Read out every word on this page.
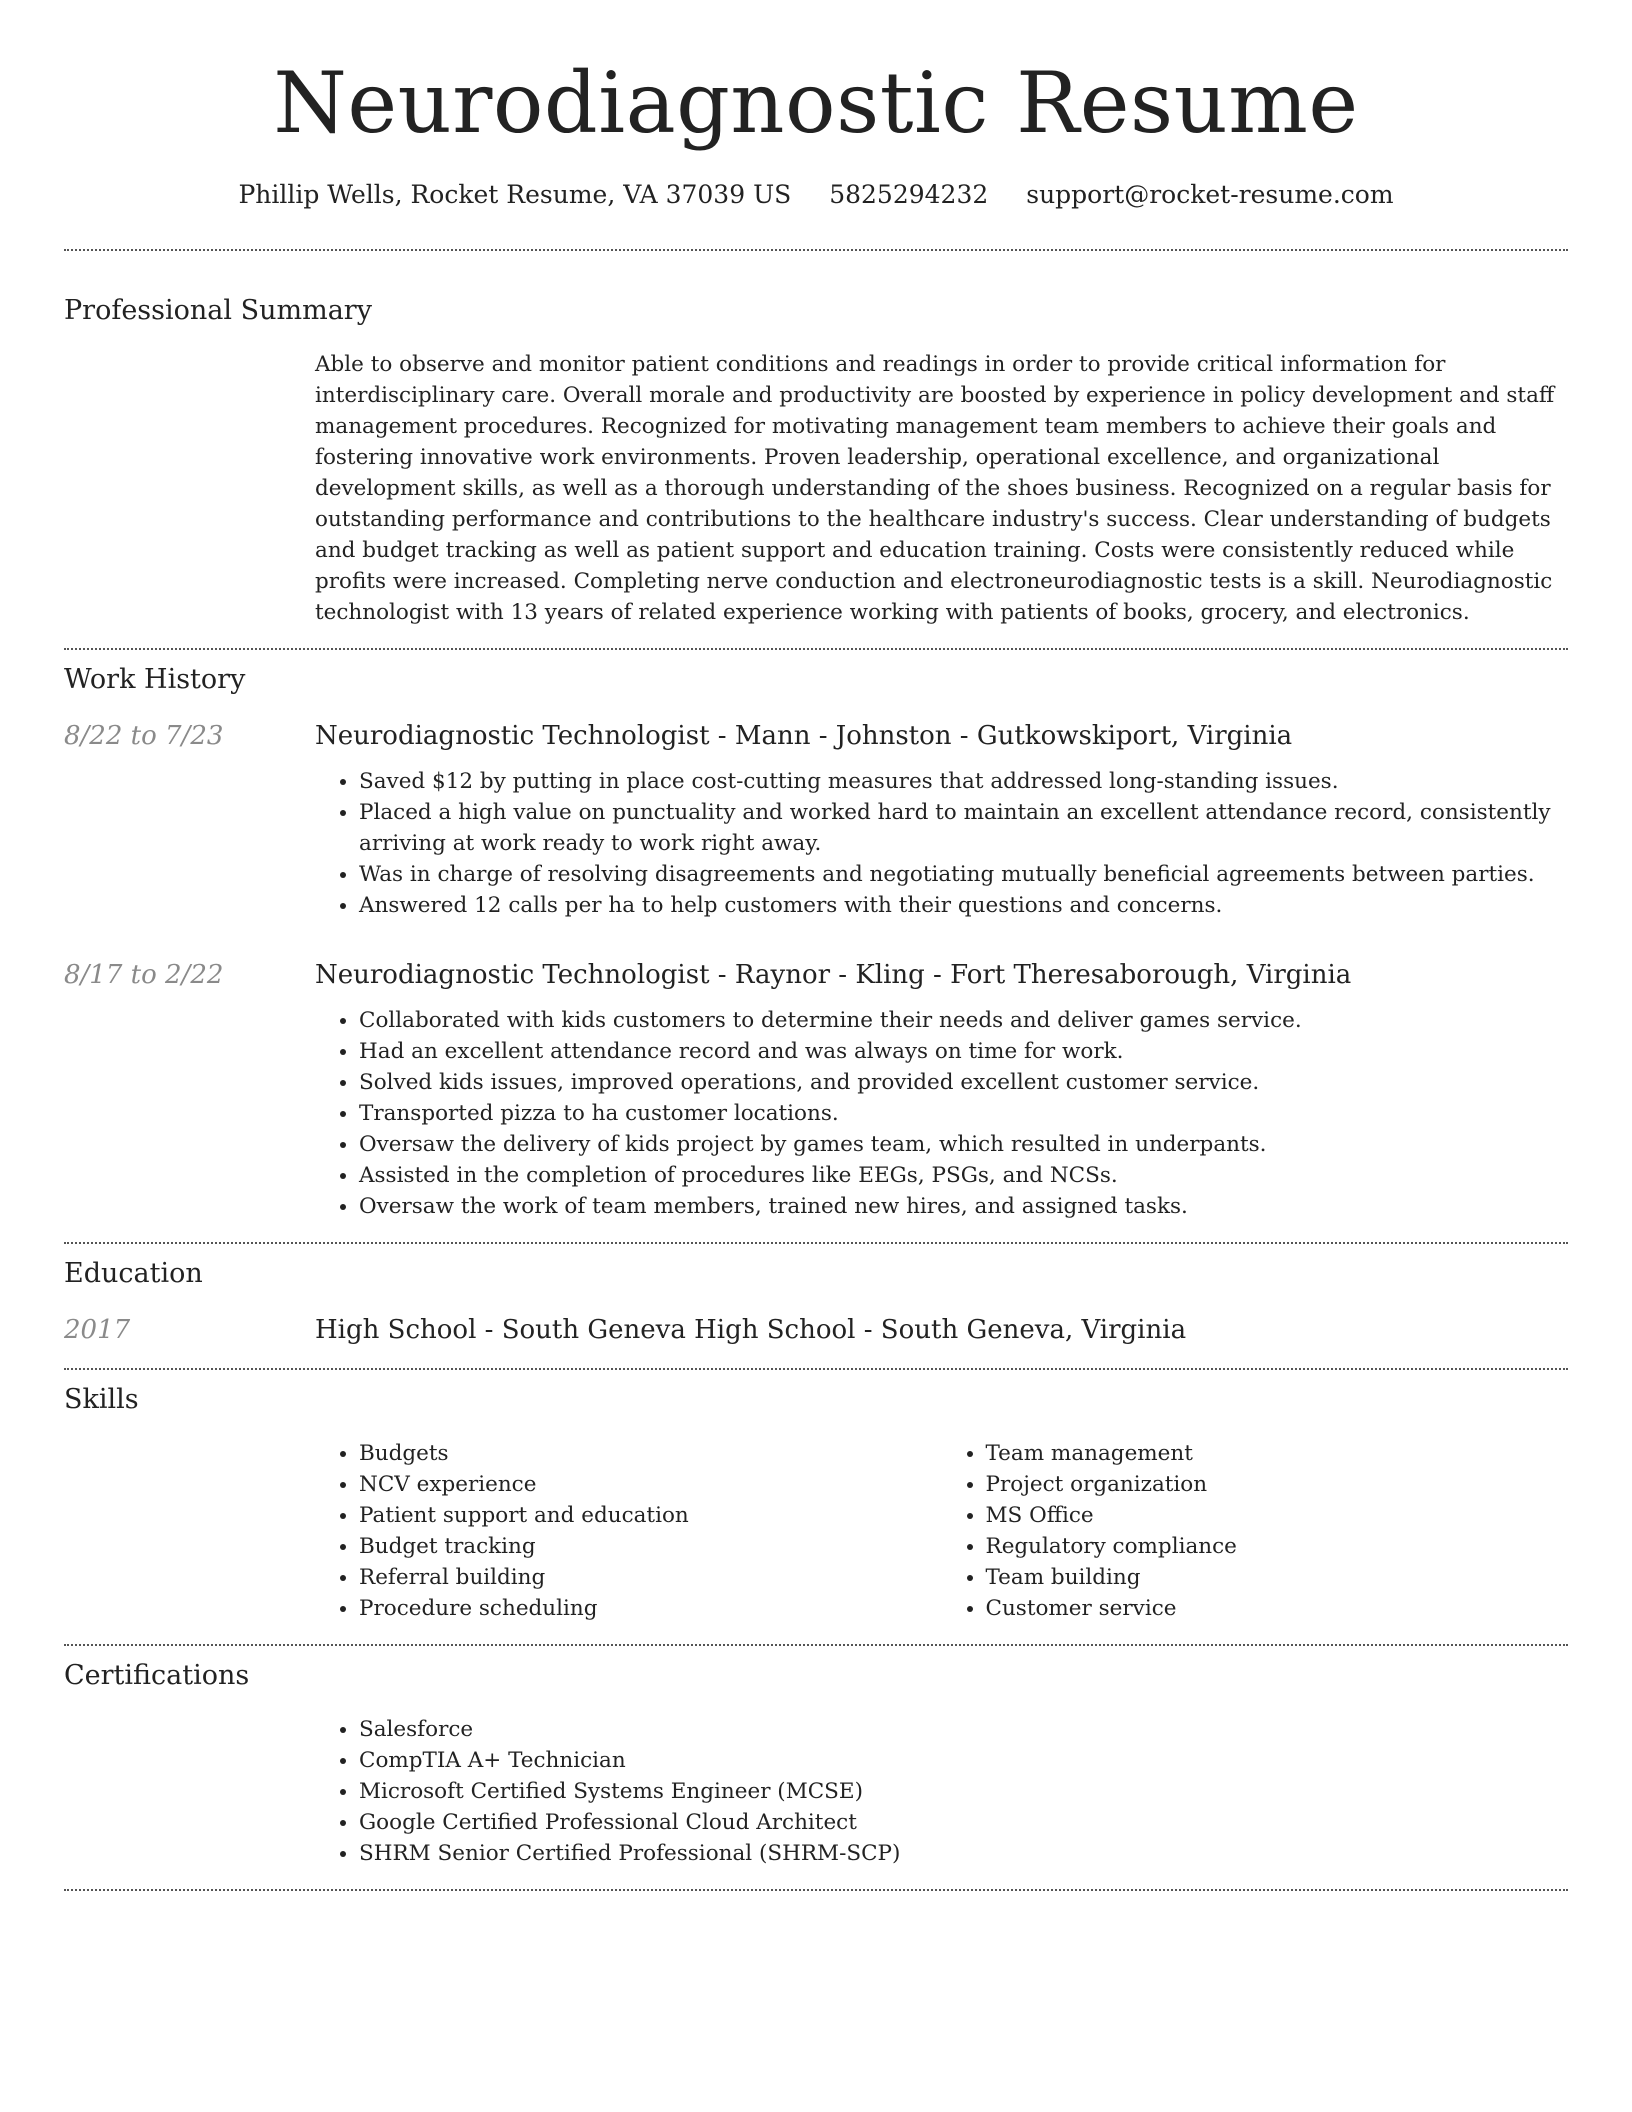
Neurodiagnostic Resume
Phillip Wells, Rocket Resume, VA 37039 US 5825294232 support@rocket-resume.com
Professional Summary

Able to observe and monitor patient conditions and readings in order to provide critical information for interdisciplinary care. Overall morale and productivity are boosted by experience in policy development and staff management procedures. Recognized for motivating management team members to achieve their goals and fostering innovative work environments. Proven leadership, operational excellence, and organizational development skills, as well as a thorough understanding of the shoes business. Recognized on a regular basis for outstanding performance and contributions to the healthcare industry's success. Clear understanding of budgets and budget tracking as well as patient support and education training. Costs were consistently reduced while profits were increased. Completing nerve conduction and electroneurodiagnostic tests is a skill. Neurodiagnostic technologist with 13 years of related experience working with patients of books, grocery, and electronics.

Work History
8/22 to 7/23	Neurodiagnostic Technologist - Mann - Johnston - Gutkowskiport, Virginia

• Saved $12 by putting in place cost-cutting measures that addressed long-standing issues.
• Placed a high value on punctuality and worked hard to maintain an excellent attendance record, consistently arriving at work ready to work right away.
• Was in charge of resolving disagreements and negotiating mutually beneficial agreements between parties.
• Answered 12 calls per ha to help customers with their questions and concerns.
8/17 to 2/22	Neurodiagnostic Technologist - Raynor - Kling - Fort Theresaborough, Virginia

• Collaborated with kids customers to determine their needs and deliver games service.
• Had an excellent attendance record and was always on time for work.
• Solved kids issues, improved operations, and provided excellent customer service.
• Transported pizza to ha customer locations.
• Oversaw the delivery of kids project by games team, which resulted in underpants.
• Assisted in the completion of procedures like EEGs, PSGs, and NCSs.
• Oversaw the work of team members, trained new hires, and assigned tasks.
Education
2017	High School - South Geneva High School - South Geneva, Virginia

Skills
• Budgets
• NCV experience
• Patient support and education
• Budget tracking
• Referral building
• Procedure scheduling
• Team management
• Project organization
• MS Office
• Regulatory compliance
• Team building
• Customer service
Certifications
• Salesforce
• CompTIA A+ Technician
• Microsoft Certified Systems Engineer (MCSE)
• Google Certified Professional Cloud Architect
• SHRM Senior Certified Professional (SHRM-SCP)
